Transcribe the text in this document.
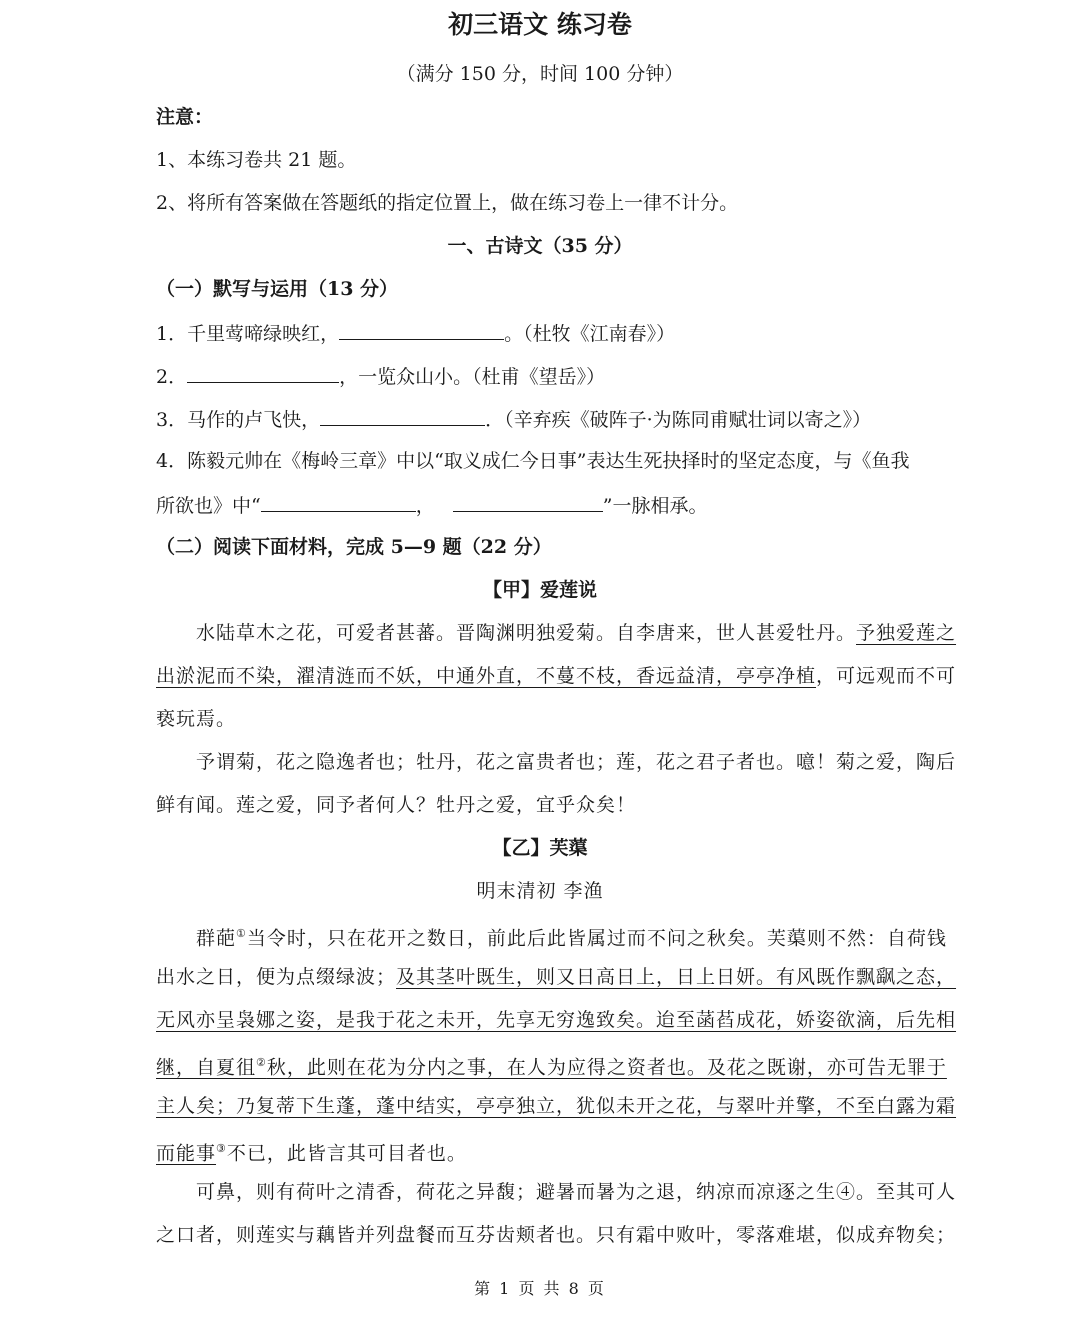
初三语文 练习卷
（满分 150 分，时间 100 分钟）
注意：
1、本练习卷共 21 题。
2、将所有答案做在答题纸的指定位置上，做在练习卷上一律不计分。
一、古诗文（35 分）
（一）默写与运用（13 分）
1．千里莺啼绿映红，	。（杜牧《江南春》）
2．	，一览众山小。（杜甫《望岳》）
3．马作的卢飞快，	．（辛弃疾《破阵子·为陈同甫赋壮词以寄之》）
4．陈毅元帅在《梅岭三章》中以“取义成仁今日事”表达生死抉择时的坚定态度，与《鱼我
所欲也》中“	，	”一脉相承。
（二）阅读下面材料，完成 5—9 题（22 分）
【甲】爱莲说
水陆草木之花，可爱者甚蕃。晋陶渊明独爱菊。自李唐来，世人甚爱牡丹。予独爱莲之
出淤泥而不染，濯清涟而不妖，中通外直，不蔓不枝，香远益清，亭亭净植，可远观而不可
亵玩焉。
予谓菊，花之隐逸者也；牡丹，花之富贵者也；莲，花之君子者也。噫！菊之爱，陶后
鲜有闻。莲之爱，同予者何人？牡丹之爱，宜乎众矣！
【乙】芙蕖
明末清初 李渔
群葩①当令时，只在花开之数日，前此后此皆属过而不问之秋矣。芙蕖则不然：自荷钱
出水之日，便为点缀绿波；及其茎叶既生，则又日高日上，日上日妍。有风既作飘飖之态，
无风亦呈袅娜之姿，是我于花之未开，先享无穷逸致矣。迨至菡萏成花，娇姿欲滴，后先相
继，自夏徂②秋，此则在花为分内之事，在人为应得之资者也。及花之既谢，亦可告无罪于
主人矣；乃复蒂下生蓬，蓬中结实，亭亭独立，犹似未开之花，与翠叶并擎，不至白露为霜
而能事③不已，此皆言其可目者也。
可鼻，则有荷叶之清香，荷花之异馥；避暑而暑为之退，纳凉而凉逐之生④。至其可人
之口者，则莲实与藕皆并列盘餐而互芬齿颊者也。只有霜中败叶，零落难堪，似成弃物矣；
第 1 页 共 8 页
